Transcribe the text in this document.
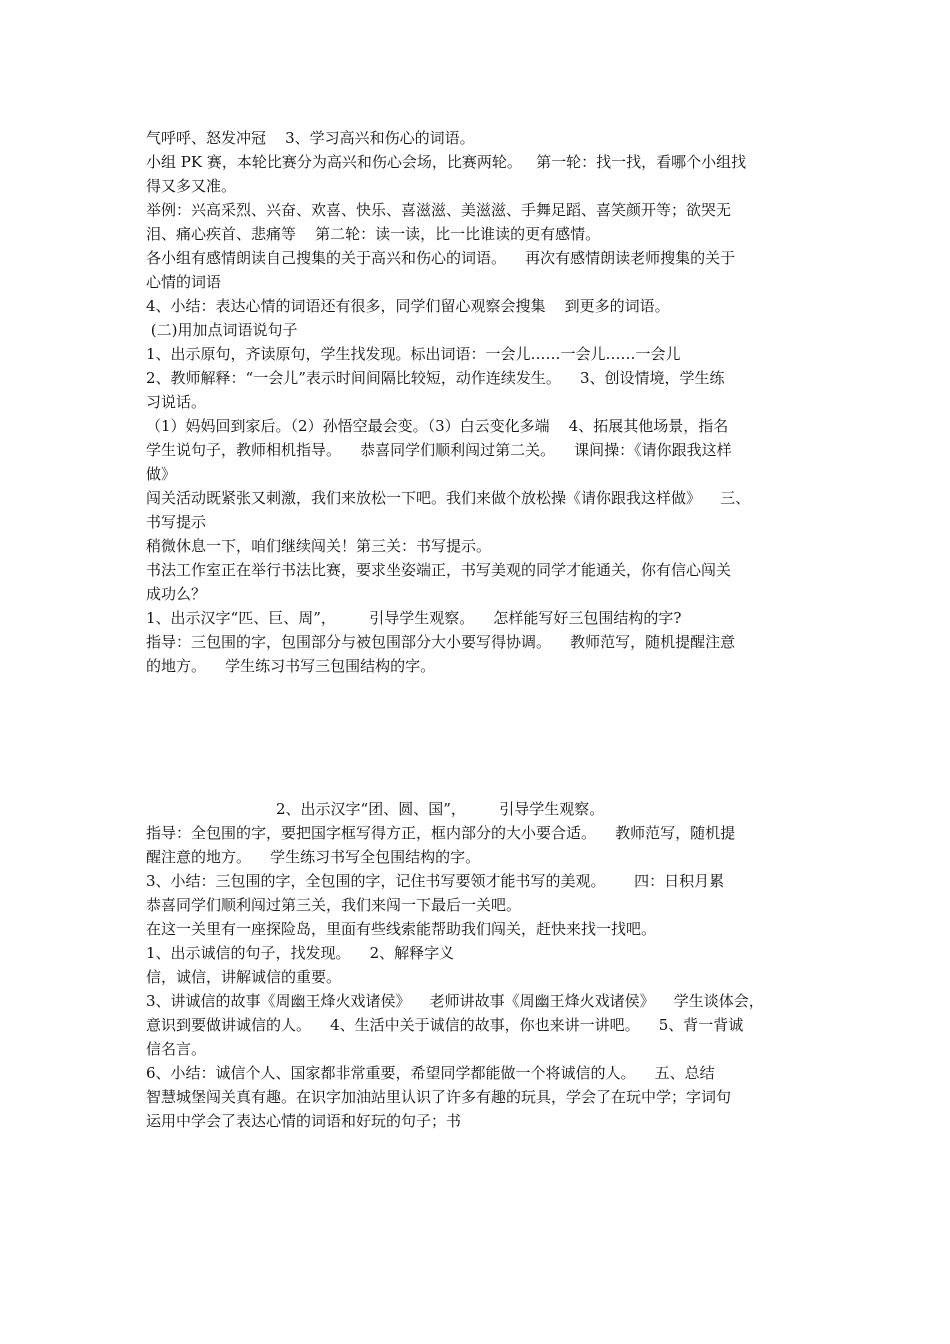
气呼呼、怒发冲冠    3、学习高兴和伤心的词语。
小组 PK 赛，本轮比赛分为高兴和伤心会场，比赛两轮。   第一轮：找一找，看哪个小组找
得又多又准。
举例：兴高采烈、兴奋、欢喜、快乐、喜滋滋、美滋滋、手舞足蹈、喜笑颜开等；欲哭无
泪、痛心疾首、悲痛等    第二轮：读一读，比一比谁读的更有感情。
各小组有感情朗读自己搜集的关于高兴和伤心的词语。    再次有感情朗读老师搜集的关于
心情的词语
4、小结：表达心情的词语还有很多，同学们留心观察会搜集    到更多的词语。
(二)用加点词语说句子
1、出示原句，齐读原句，学生找发现。标出词语：一会儿……一会儿……一会儿
2、教师解释：“一会儿”表示时间间隔比较短，动作连续发生。    3、创设情境，学生练
习说话。
（1）妈妈回到家后。（2）孙悟空最会变。（3）白云变化多端    4、拓展其他场景，指名
学生说句子，教师相机指导。    恭喜同学们顺利闯过第二关。    课间操：《请你跟我这样
做》
闯关活动既紧张又刺激，我们来放松一下吧。我们来做个放松操《请你跟我这样做》    三、
书写提示
稍微休息一下，咱们继续闯关！第三关：书写提示。
书法工作室正在举行书法比赛，要求坐姿端正，书写美观的同学才能通关，你有信心闯关
成功么？
1、出示汉字“匹、巨、周”，       引导学生观察。    怎样能写好三包围结构的字?
指导：三包围的字，包围部分与被包围部分大小要写得协调。    教师范写，随机提醒注意
的地方。    学生练习书写三包围结构的字。
2、出示汉字“团、圆、国”，       引导学生观察。
指导：全包围的字，要把国字框写得方正，框内部分的大小要合适。    教师范写，随机提
醒注意的地方。    学生练习书写全包围结构的字。
3、小结：三包围的字，全包围的字，记住书写要领才能书写的美观。      四：日积月累
恭喜同学们顺利闯过第三关，我们来闯一下最后一关吧。
在这一关里有一座探险岛，里面有些线索能帮助我们闯关，赶快来找一找吧。
1、出示诚信的句子，找发现。    2、解释字义
信，诚信，讲解诚信的重要。
3、讲诚信的故事《周幽王烽火戏诸侯》    老师讲故事《周幽王烽火戏诸侯》    学生谈体会，
意识到要做讲诚信的人。    4、生活中关于诚信的故事，你也来讲一讲吧。    5、背一背诚
信名言。
6、小结：诚信个人、国家都非常重要，希望同学都能做一个将诚信的人。    五、总结
智慧城堡闯关真有趣。在识字加油站里认识了许多有趣的玩具，学会了在玩中学；字词句
运用中学会了表达心情的词语和好玩的句子；书
